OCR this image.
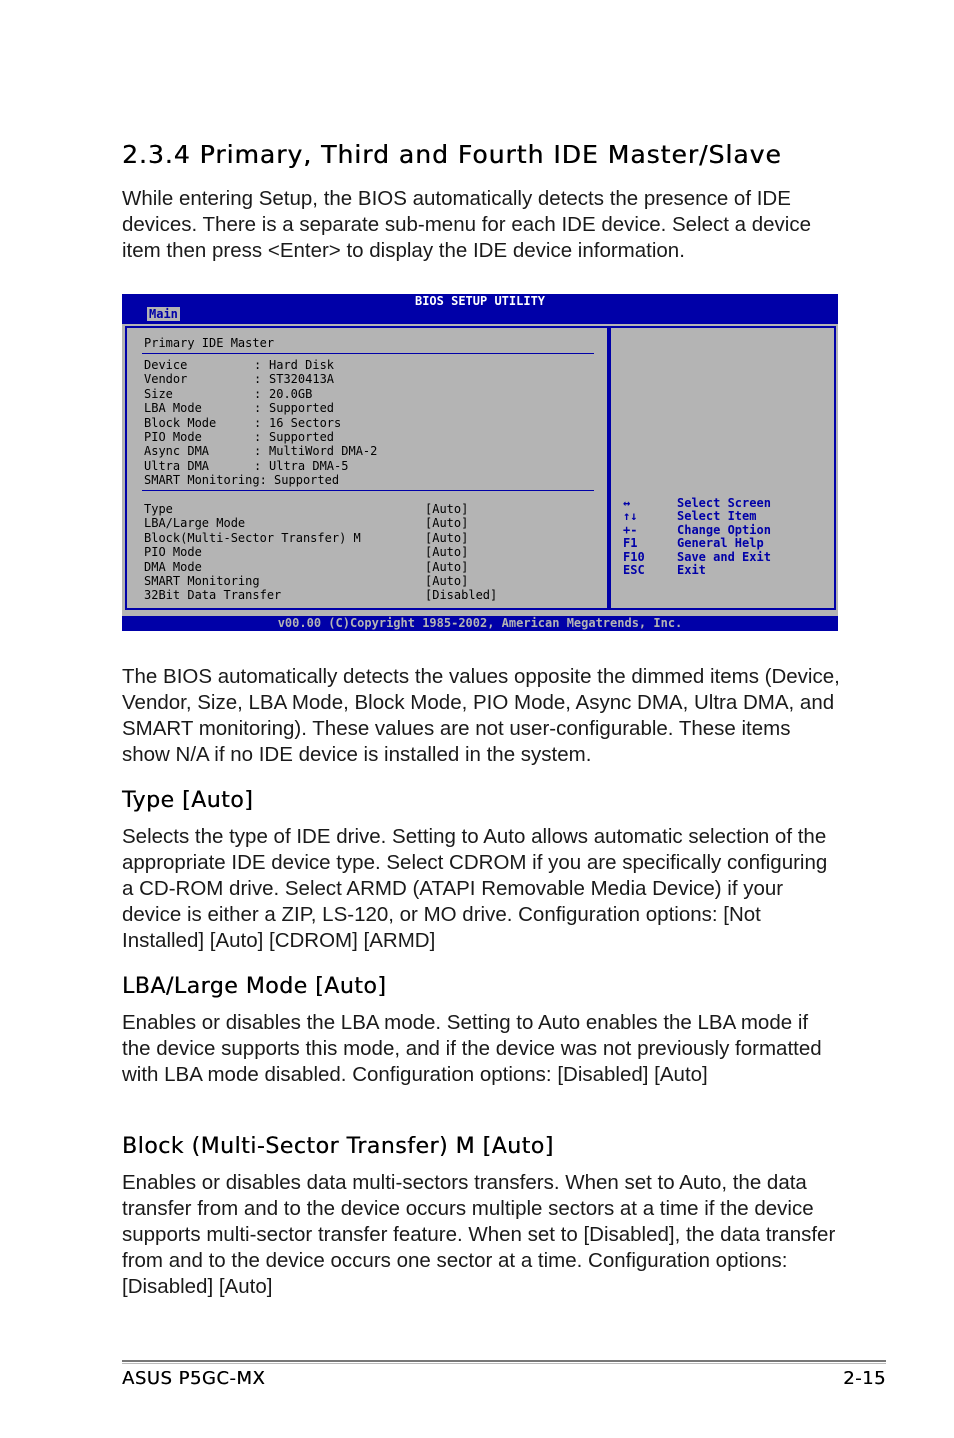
2.3.4 Primary, Third and Fourth IDE Master/Slave

While entering Setup, the BIOS automatically detects the presence of IDE devices. There is a separate sub-menu for each IDE device. Select a device item then press <Enter> to display the IDE device information.

BIOS SETUP UTILITY
Main
Primary IDE Master
Device	: Hard Disk
Vendor	: ST320413A
Size	: 20.0GB
LBA Mode	: Supported
Block Mode	: 16 Sectors
PIO Mode	: Supported
Async DMA	: MultiWord DMA-2
Ultra DMA	: Ultra DMA-5
SMART Monitoring: Supported
Type	[Auto]
LBA/Large Mode	[Auto]
Block(Multi-Sector Transfer) M	[Auto]
PIO Mode	[Auto]
DMA Mode	[Auto]
SMART Monitoring	[Auto]
32Bit Data Transfer	[Disabled]
↔	Select Screen
↑↓	Select Item
+-	Change Option
F1	General Help
F10	Save and Exit
ESC	Exit
v00.00 (C)Copyright 1985-2002, American Megatrends, Inc.

The BIOS automatically detects the values opposite the dimmed items (Device, Vendor, Size, LBA Mode, Block Mode, PIO Mode, Async DMA, Ultra DMA, and SMART monitoring). These values are not user-configurable. These items show N/A if no IDE device is installed in the system.

Type [Auto]

Selects the type of IDE drive. Setting to Auto allows automatic selection of the appropriate IDE device type. Select CDROM if you are specifically configuring a CD-ROM drive. Select ARMD (ATAPI Removable Media Device) if your device is either a ZIP, LS-120, or MO drive. Configuration options: [Not Installed] [Auto] [CDROM] [ARMD]

LBA/Large Mode [Auto]

Enables or disables the LBA mode. Setting to Auto enables the LBA mode if the device supports this mode, and if the device was not previously formatted with LBA mode disabled. Configuration options: [Disabled] [Auto]

Block (Multi-Sector Transfer) M [Auto]

Enables or disables data multi-sectors transfers. When set to Auto, the data transfer from and to the device occurs multiple sectors at a time if the device supports multi-sector transfer feature. When set to [Disabled], the data transfer from and to the device occurs one sector at a time. Configuration options: [Disabled] [Auto]

ASUS P5GC-MX	2-15
